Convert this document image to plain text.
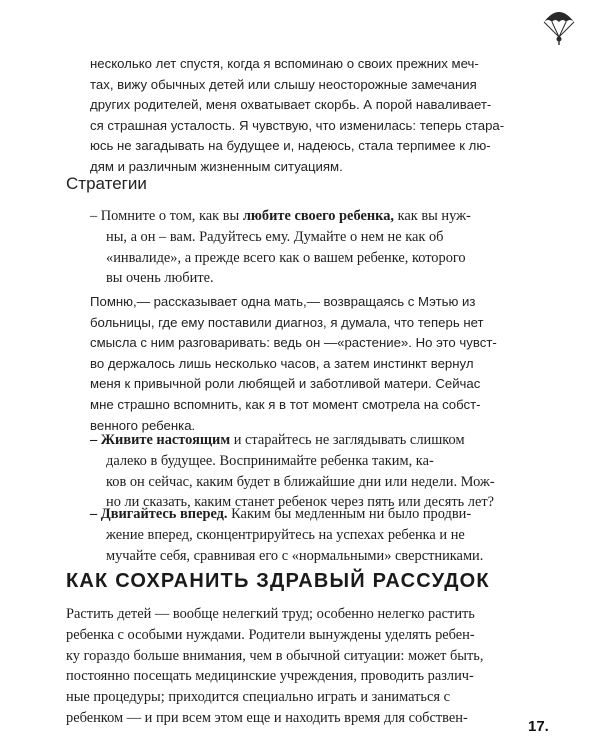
несколько лет спустя, когда я вспоминаю о своих прежних меч-
тах, вижу обычных детей или слышу неосторожные замечания
других родителей, меня охватывает скорбь. А порой наваливает-
ся страшная усталость. Я чувствую, что изменилась: теперь стара-
юсь не загадывать на будущее и, надеюсь, стала терпимее к лю-
дям и различным жизненным ситуациям.
Стратегии
– Помните о том, как вы любите своего ребенка, как вы нуж-
ны, а он – вам. Радуйтесь ему. Думайте о нем не как об
«инвалиде», а прежде всего как о вашем ребенке, которого
вы очень любите.
Помню,— рассказывает одна мать,— возвращаясь с Мэтью из
больницы, где ему поставили диагноз, я думала, что теперь нет
смысла с ним разговаривать: ведь он —«растение». Но это чувст-
во держалось лишь несколько часов, а затем инстинкт вернул
меня к привычной роли любящей и заботливой матери. Сейчас
мне страшно вспомнить, как я в тот момент смотрела на собст-
венного ребенка.
– Живите настоящим и старайтесь не заглядывать слишком
далеко в будущее. Воспринимайте ребенка таким, ка-
ков он сейчас, каким будет в ближайшие дни или недели. Мож-
но ли сказать, каким станет ребенок через пять или десять лет?
– Двигайтесь вперед. Каким бы медленным ни было продви-
жение вперед, сконцентрируйтесь на успехах ребенка и не
мучайте себя, сравнивая его с «нормальными» сверстниками.
КАК СОХРАНИТЬ ЗДРАВЫЙ РАССУДОК
Растить детей — вообще нелегкий труд; особенно нелегко растить
ребенка с особыми нуждами. Родители вынуждены уделять ребен-
ку гораздо больше внимания, чем в обычной ситуации: может быть,
постоянно посещать медицинские учреждения, проводить различ-
ные процедуры; приходится специально играть и заниматься с
ребенком — и при всем этом еще и находить время для собствен-
17.
